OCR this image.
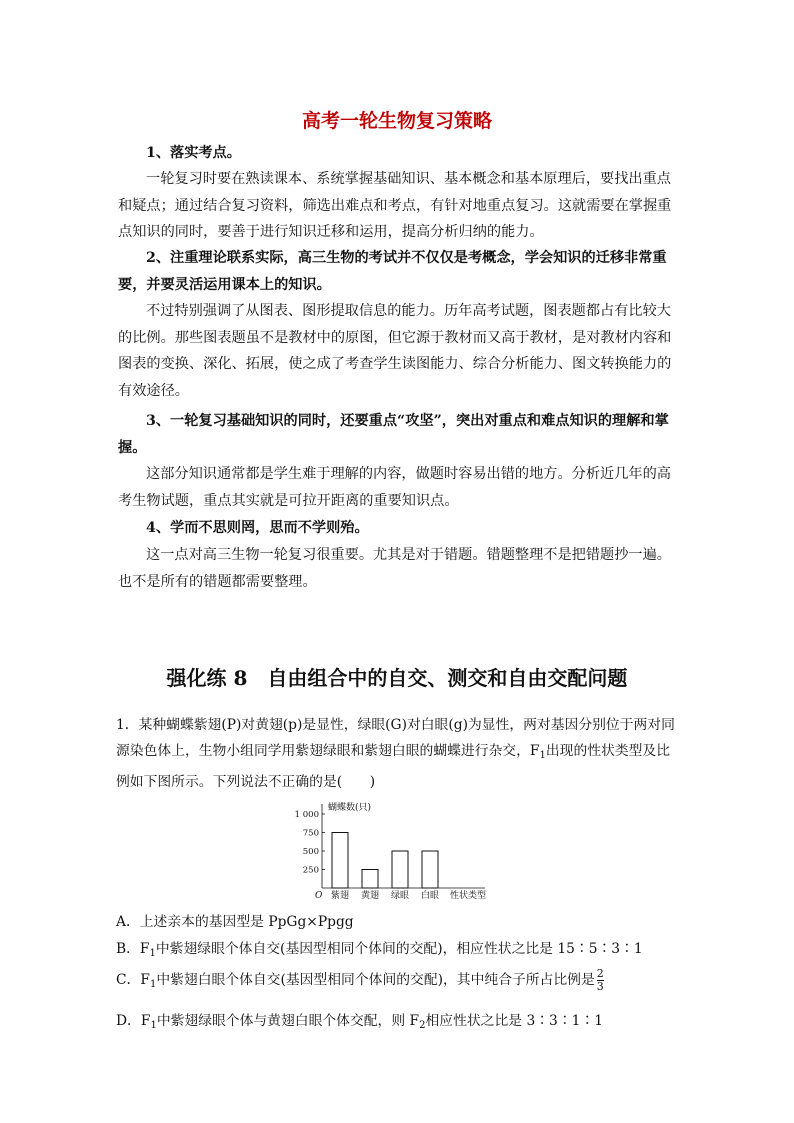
高考一轮生物复习策略

1、落实考点。

一轮复习时要在熟读课本、系统掌握基础知识、基本概念和基本原理后，要找出重点和疑点；通过结合复习资料，筛选出难点和考点，有针对地重点复习。这就需要在掌握重点知识的同时，要善于进行知识迁移和运用，提高分析归纳的能力。

2、注重理论联系实际，高三生物的考试并不仅仅是考概念，学会知识的迁移非常重要，并要灵活运用课本上的知识。

不过特别强调了从图表、图形提取信息的能力。历年高考试题，图表题都占有比较大的比例。那些图表题虽不是教材中的原图，但它源于教材而又高于教材，是对教材内容和图表的变换、深化、拓展，使之成了考查学生读图能力、综合分析能力、图文转换能力的有效途径。

3、一轮复习基础知识的同时，还要重点“攻坚”，突出对重点和难点知识的理解和掌握。

这部分知识通常都是学生难于理解的内容，做题时容易出错的地方。分析近几年的高考生物试题，重点其实就是可拉开距离的重要知识点。

4、学而不思则罔，思而不学则殆。

这一点对高三生物一轮复习很重要。尤其是对于错题。错题整理不是把错题抄一遍。也不是所有的错题都需要整理。

强化练 8　自由组合中的自交、测交和自由交配问题

1．某种蝴蝶紫翅(P)对黄翅(p)是显性，绿眼(G)对白眼(g)为显性，两对基因分别位于两对同源染色体上，生物小组同学用紫翅绿眼和紫翅白眼的蝴蝶进行杂交，$F_1$出现的性状类型及比例如下图所示。下列说法不正确的是(　　)

蝴蝶数(只)
O	性状类型
1 000
750
500
250
紫翅 黄翅 绿眼 白眼

A．上述亲本的基因型是 PpGg×Ppgg

B．$F_1$中紫翅绿眼个体自交(基因型相同个体间的交配)，相应性状之比是 15∶5∶3∶1

C．$F_1$中紫翅白眼个体自交(基因型相同个体间的交配)，其中纯合子所占比例是 $\frac{2}{3}$

D．$F_1$中紫翅绿眼个体与黄翅白眼个体交配，则 $F_2$相应性状之比是 3∶3∶1∶1
